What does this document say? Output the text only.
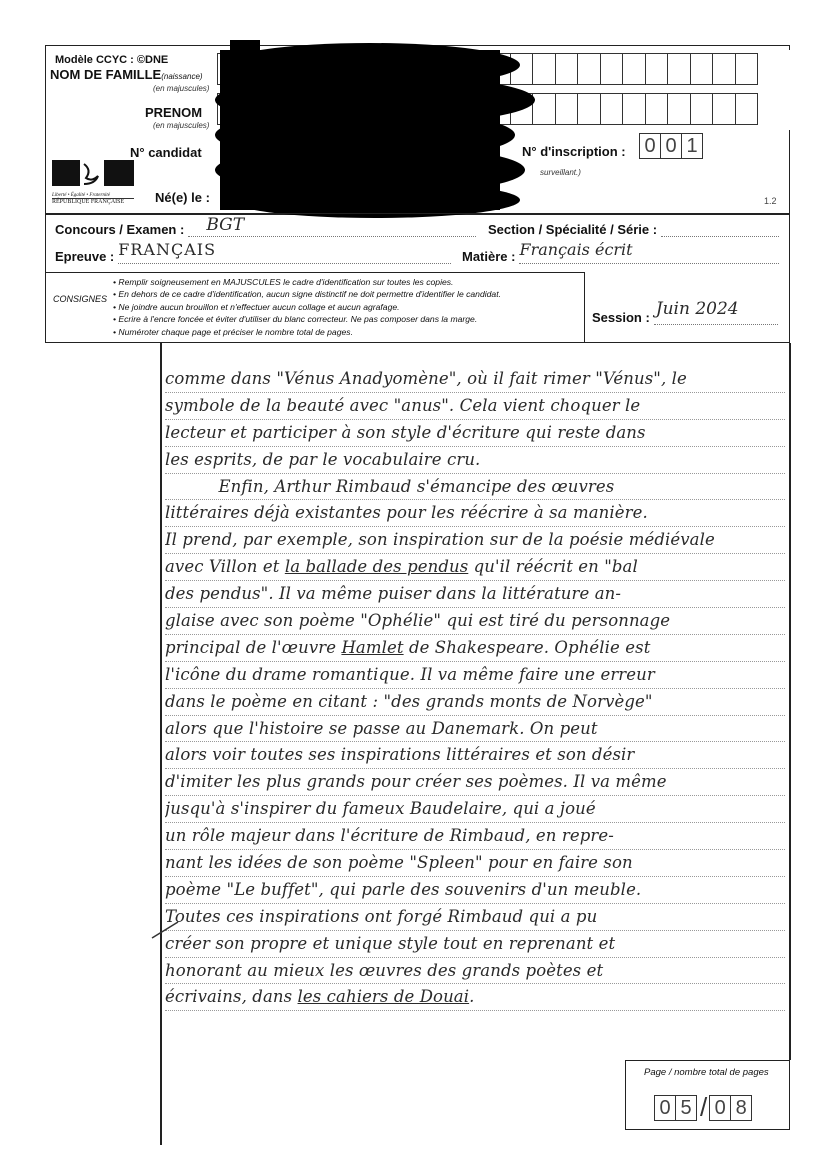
Modèle CCYC : ©DNE
NOM DE FAMILLE(naissance)
(en majuscules)
PRENOM
(en majuscules)
N° candidat
Né(e) le :
Liberté • Égalité • Fraternité
RÉPUBLIQUE FRANÇAISE
surveillant.)
N° d'inscription : 0 0 1
1.2
Concours / Examen : BGT	Section / Spécialité / Série :
Epreuve : FRANÇAIS	Matière : Français écrit
CONSIGNES
• Remplir soigneusement en MAJUSCULES le cadre d'identification sur toutes les copies.
• En dehors de ce cadre d'identification, aucun signe distinctif ne doit permettre d'identifier le candidat.
• Ne joindre aucun brouillon et n'effectuer aucun collage et aucun agrafage.
• Ecrire à l'encre foncée et éviter d'utiliser du blanc correcteur. Ne pas composer dans la marge.
• Numéroter chaque page et préciser le nombre total de pages.
Session : Juin 2024
comme dans "Vénus Anadyomène", où il fait rimer "Vénus", le
symbole de la beauté avec "anus". Cela vient choquer le
lecteur et participer à son style d'écriture qui reste dans
les esprits, de par le vocabulaire cru.
Enfin, Arthur Rimbaud s'émancipe des œuvres
littéraires déjà existantes pour les réécrire à sa manière.
Il prend, par exemple, son inspiration sur de la poésie médiévale
avec Villon et la ballade des pendus qu'il réécrit en "bal
des pendus". Il va même puiser dans la littérature an-
glaise avec son poème "Ophélie" qui est tiré du personnage
principal de l'œuvre Hamlet de Shakespeare. Ophélie est
l'icône du drame romantique. Il va même faire une erreur
dans le poème en citant : "des grands monts de Norvège"
alors que l'histoire se passe au Danemark. On peut
alors voir toutes ses inspirations littéraires et son désir
d'imiter les plus grands pour créer ses poèmes. Il va même
jusqu'à s'inspirer du fameux Baudelaire, qui a joué
un rôle majeur dans l'écriture de Rimbaud, en repre-
nant les idées de son poème "Spleen" pour en faire son
poème "Le buffet", qui parle des souvenirs d'un meuble.
Toutes ces inspirations ont forgé Rimbaud qui a pu
créer son propre et unique style tout en reprenant et
honorant au mieux les œuvres des grands poètes et
écrivains, dans les cahiers de Douai.
Page / nombre total de pages
0 5 / 0 8
